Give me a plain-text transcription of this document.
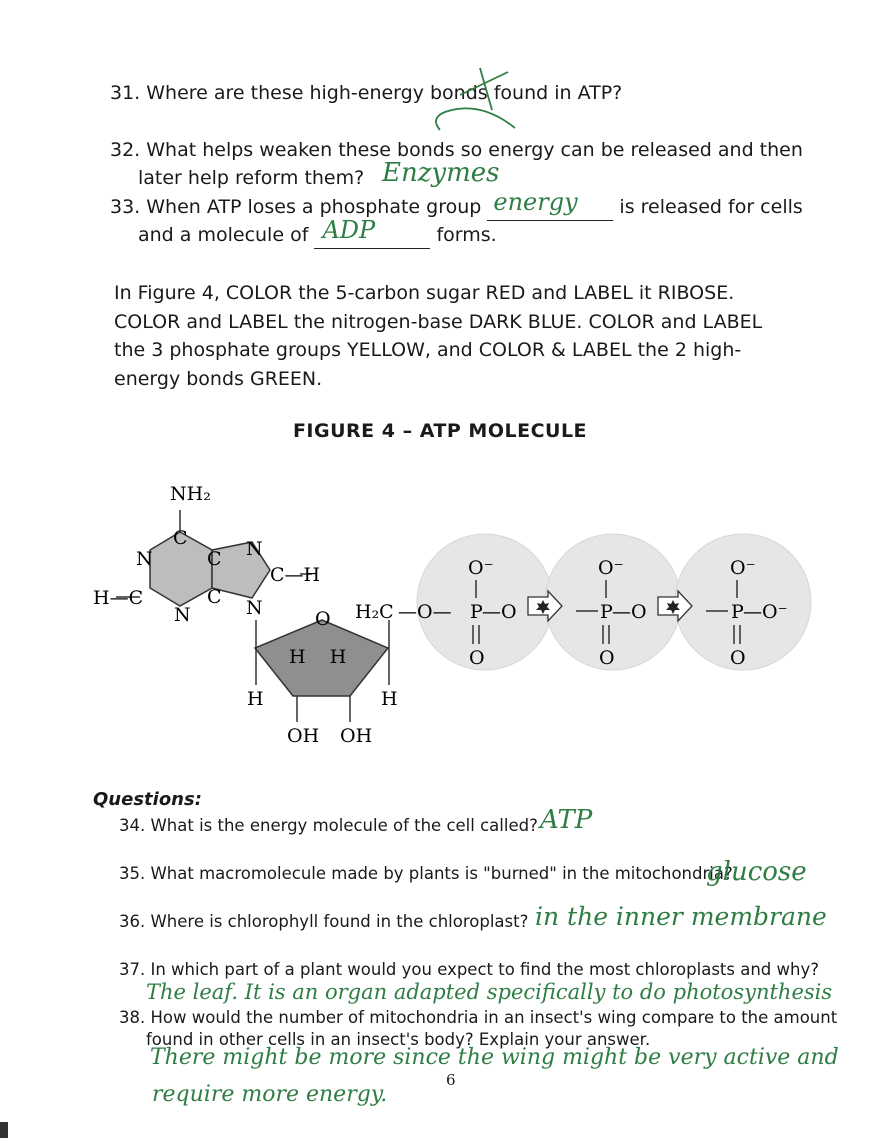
31. Where are these high-energy bonds found in ATP?
32. What helps weaken these bonds so energy can be released and then
later help reform them? Enzymes
33. When ATP loses a phosphate group energy is released for cells
and a molecule of ADP	forms.
In Figure 4, COLOR the 5-carbon sugar RED and LABEL it RIBOSE.
COLOR and LABEL the nitrogen-base DARK BLUE. COLOR and LABEL
the 3 phosphate groups YELLOW, and COLOR & LABEL the 2 high-
energy bonds GREEN.
FIGURE 4 – ATP MOLECULE
NH₂
C
N	C N
C—H
H—C	C
N	N	O
H    H
H	H
OH OH
H₂C —O— P —O	P —O	P —O⁻
O⁻	O⁻	O⁻
O	O	O
Questions:
34. What is the energy molecule of the cell called? ATP
35. What macromolecule made by plants is "burned" in the mitochondria?
glucose
36. Where is chlorophyll found in the chloroplast? in the inner membrane
37. In which part of a plant would you expect to find the most chloroplasts and why?
The leaf. It is an organ adapted specifically to do photosynthesis
38. How would the number of mitochondria in an insect's wing compare to the amount
found in other cells in an insect's body? Explain your answer.
There might be more since the wing might be very active and
require more energy.
6
